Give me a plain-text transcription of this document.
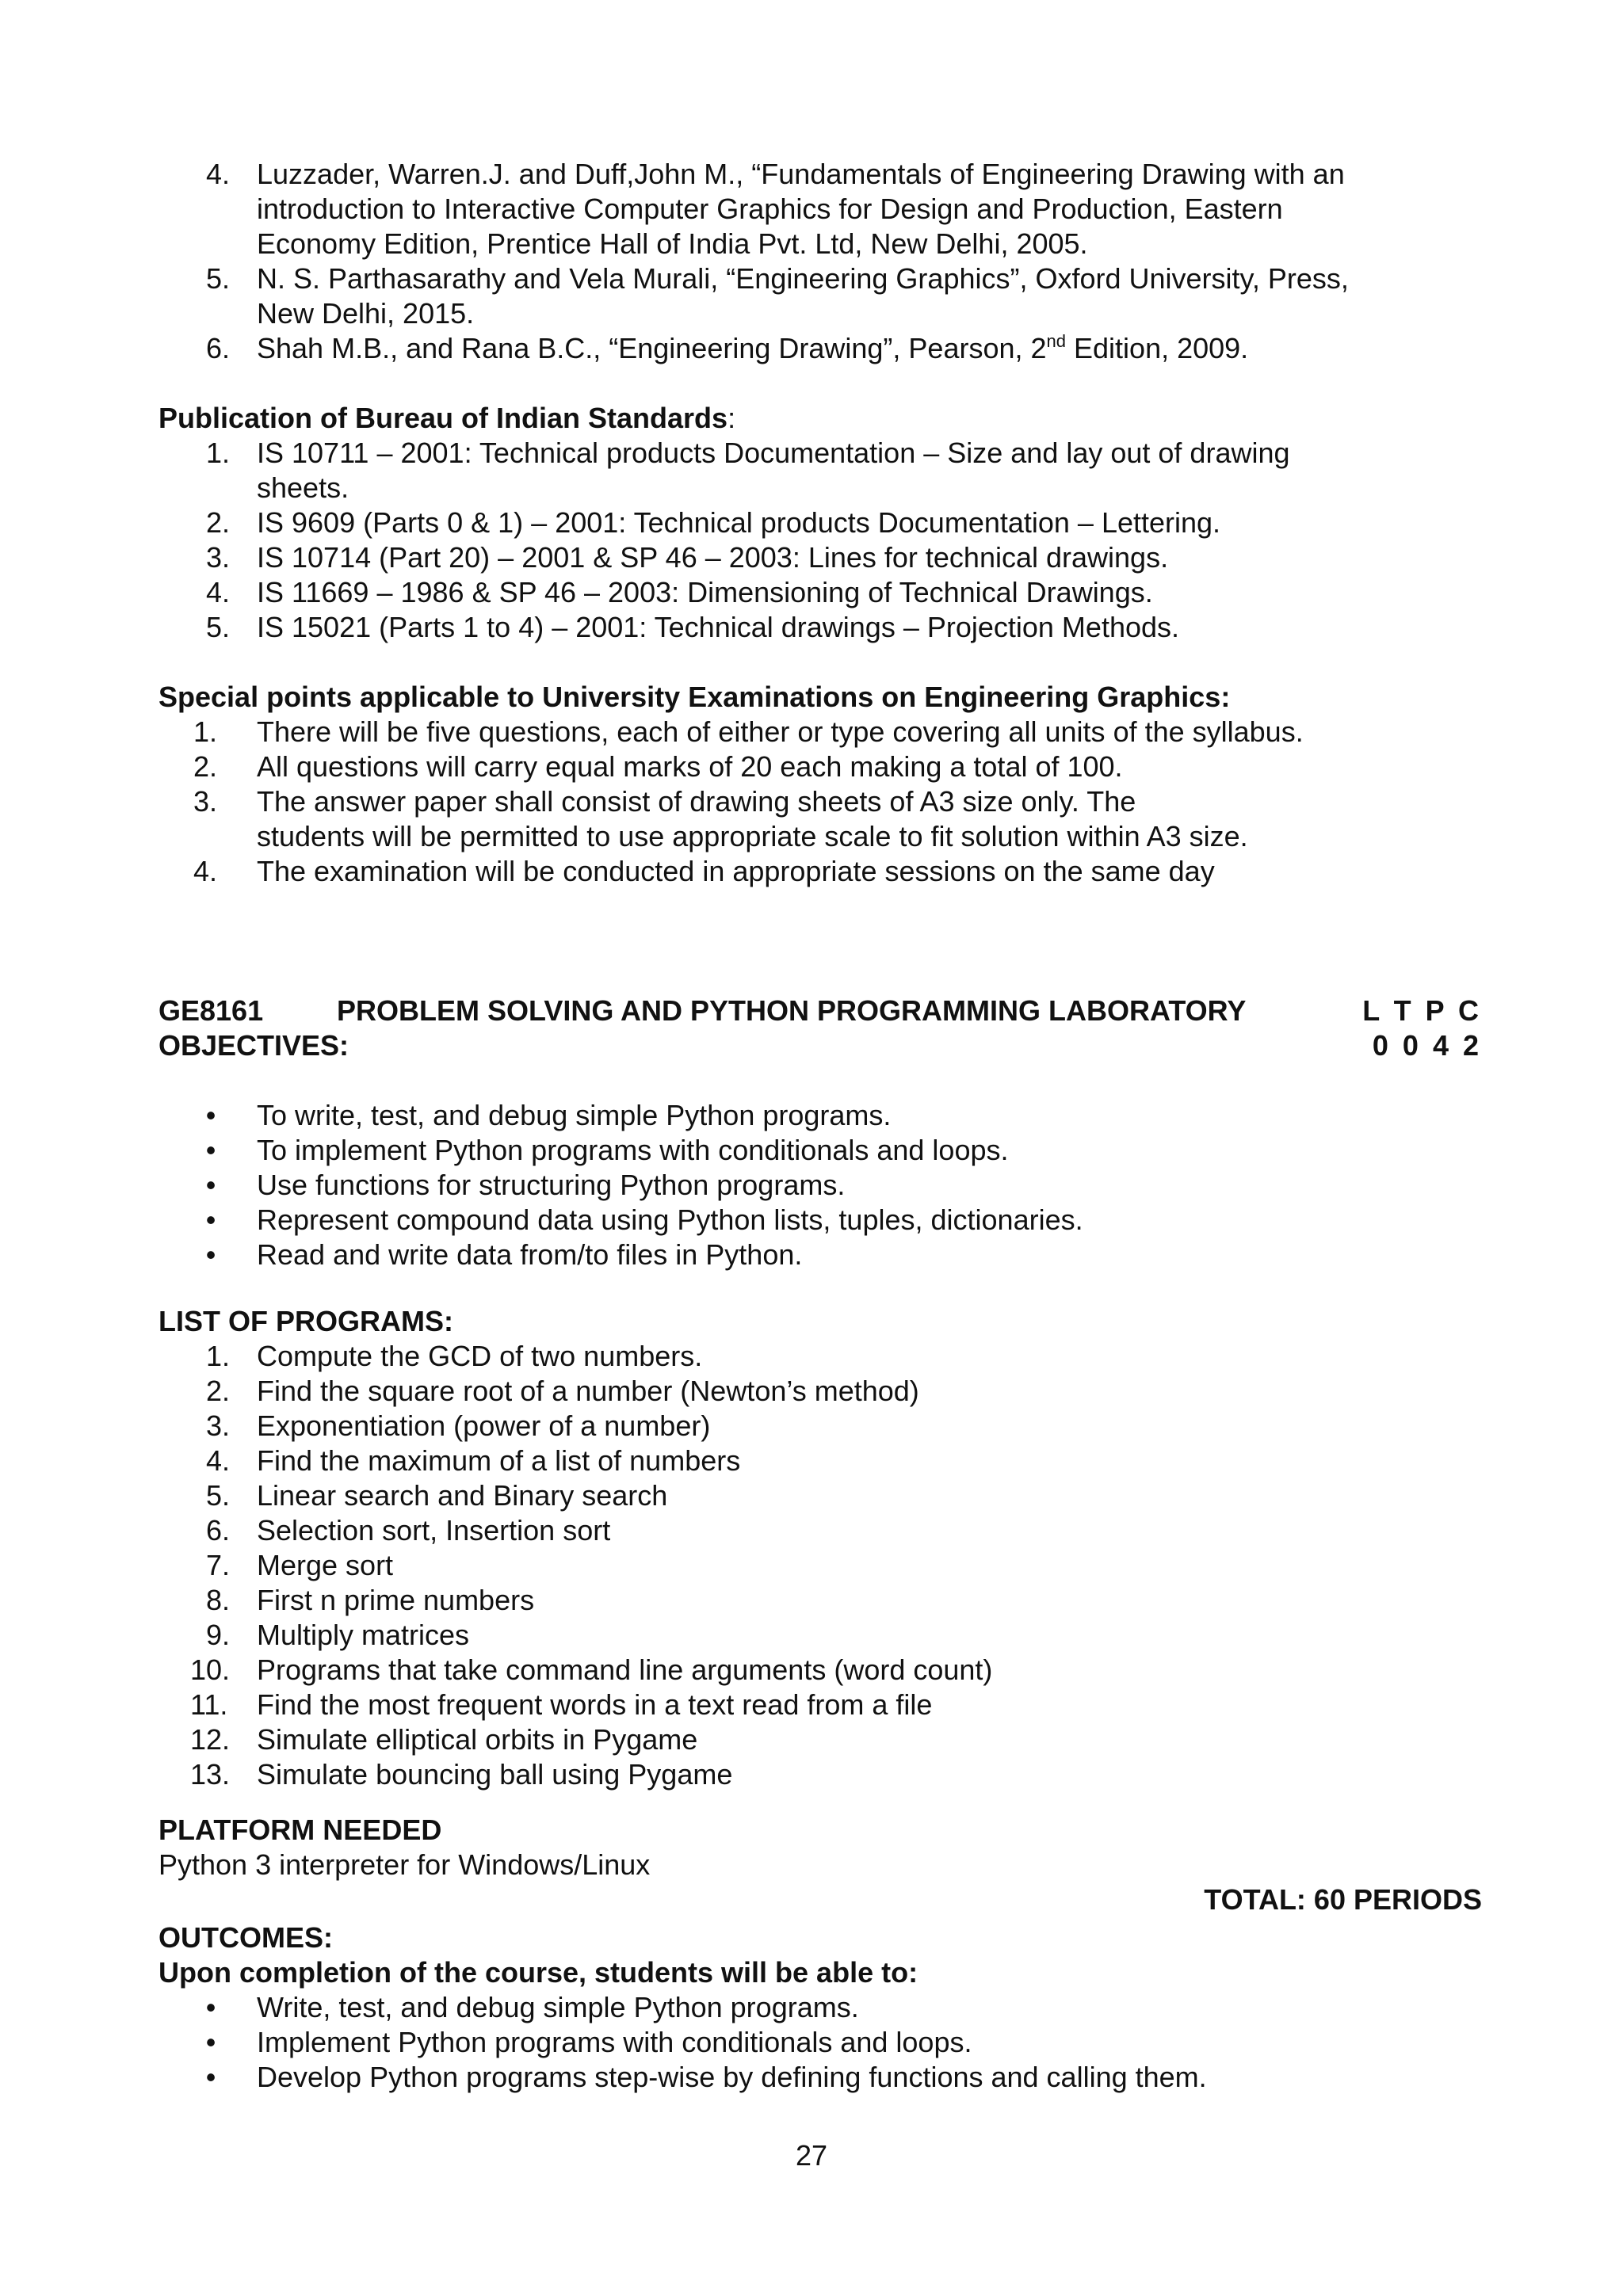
4. Luzzader, Warren.J. and Duff,John M., “Fundamentals of Engineering Drawing with an
introduction to Interactive Computer Graphics for Design and Production, Eastern
Economy Edition, Prentice Hall of India Pvt. Ltd, New Delhi, 2005.
5. N. S. Parthasarathy and Vela Murali, “Engineering Graphics”, Oxford University, Press,
New Delhi, 2015.
6. Shah M.B., and Rana B.C., “Engineering Drawing”, Pearson, 2nd Edition, 2009.
Publication of Bureau of Indian Standards:
1. IS 10711 – 2001: Technical products Documentation – Size and lay out of drawing
sheets.
2. IS 9609 (Parts 0 & 1) – 2001: Technical products Documentation – Lettering.
3. IS 10714 (Part 20) – 2001 & SP 46 – 2003: Lines for technical drawings.
4. IS 11669 – 1986 & SP 46 – 2003: Dimensioning of Technical Drawings.
5. IS 15021 (Parts 1 to 4) – 2001: Technical drawings – Projection Methods.
Special points applicable to University Examinations on Engineering Graphics:
1. There will be five questions, each of either or type covering all units of the syllabus.
2. All questions will carry equal marks of 20 each making a total of 100.
3. The answer paper shall consist of drawing sheets of A3 size only. The
students will be permitted to use appropriate scale to fit solution within A3 size.
4. The examination will be conducted in appropriate sessions on the same day
GE8161	PROBLEM SOLVING AND PYTHON PROGRAMMING LABORATORY	L T P C
OBJECTIVES:	0 0 4 2
• To write, test, and debug simple Python programs.
• To implement Python programs with conditionals and loops.
• Use functions for structuring Python programs.
• Represent compound data using Python lists, tuples, dictionaries.
• Read and write data from/to files in Python.
LIST OF PROGRAMS:
1. Compute the GCD of two numbers.
2. Find the square root of a number (Newton’s method)
3. Exponentiation (power of a number)
4. Find the maximum of a list of numbers
5. Linear search and Binary search
6. Selection sort, Insertion sort
7. Merge sort
8. First n prime numbers
9. Multiply matrices
10. Programs that take command line arguments (word count)
11. Find the most frequent words in a text read from a file
12. Simulate elliptical orbits in Pygame
13. Simulate bouncing ball using Pygame
PLATFORM NEEDED
Python 3 interpreter for Windows/Linux
TOTAL: 60 PERIODS
OUTCOMES:
Upon completion of the course, students will be able to:
• Write, test, and debug simple Python programs.
• Implement Python programs with conditionals and loops.
• Develop Python programs step-wise by defining functions and calling them.
27
